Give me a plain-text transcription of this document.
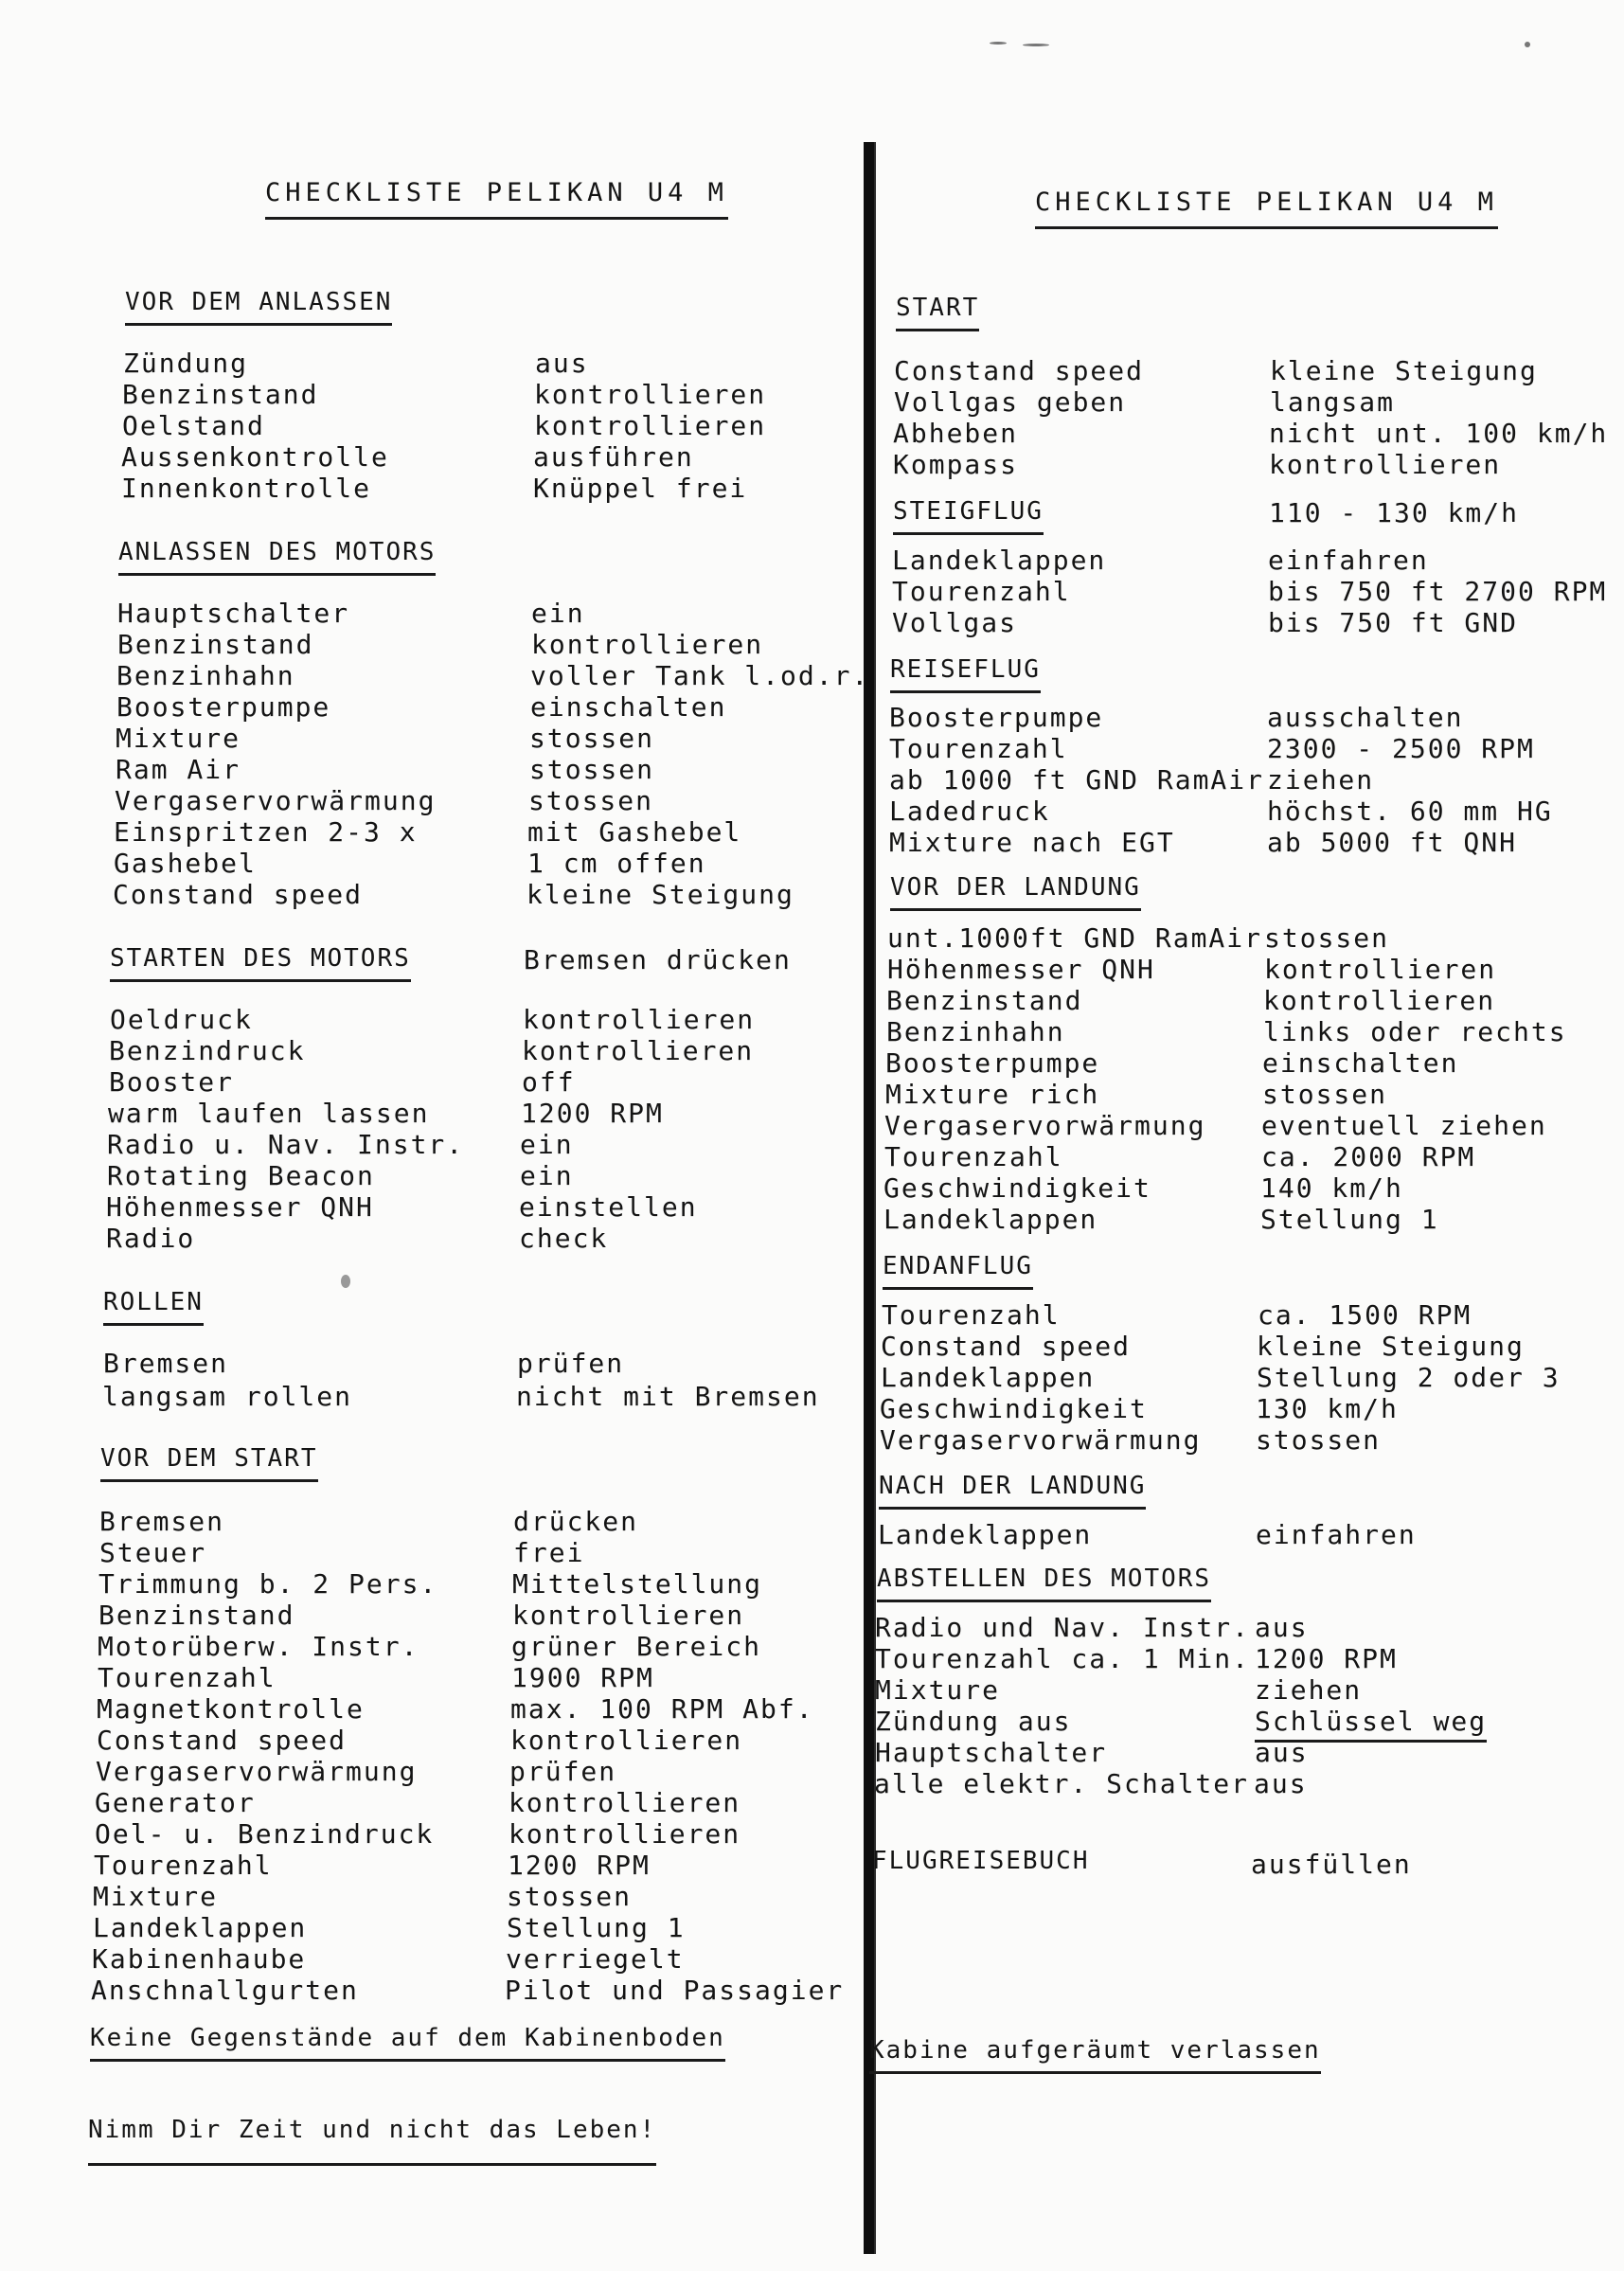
CHECKLISTE PELIKAN U4 M
VOR DEM ANLASSEN
Zündung	aus
Benzinstand	kontrollieren
Oelstand	kontrollieren
Aussenkontrolle	ausführen
Innenkontrolle	Knüppel frei
ANLASSEN DES MOTORS
Hauptschalter	ein
Benzinstand	kontrollieren
Benzinhahn	voller Tank l.od.r.
Boosterpumpe	einschalten
Mixture	stossen
Ram Air	stossen
Vergaservorwärmung	stossen
Einspritzen 2-3 x	mit Gashebel
Gashebel	1 cm offen
Constand speed	kleine Steigung
STARTEN DES MOTORS	Bremsen drücken
Oeldruck	kontrollieren
Benzindruck	kontrollieren
Booster	off
warm laufen lassen	1200 RPM
Radio u. Nav. Instr. ein
Rotating Beacon	ein
Höhenmesser QNH	einstellen
Radio	check
ROLLEN
Bremsen	prüfen
langsam rollen	nicht mit Bremsen
VOR DEM START
Bremsen	drücken
Steuer	frei
Trimmung b. 2 Pers.	Mittelstellung
Benzinstand	kontrollieren
Motorüberw. Instr.	grüner Bereich
Tourenzahl	1900 RPM
Magnetkontrolle	max. 100 RPM Abf.
Constand speed	kontrollieren
Vergaservorwärmung	prüfen
Generator	kontrollieren
Oel- u. Benzindruck	kontrollieren
Tourenzahl	1200 RPM
Mixture	stossen
Landeklappen	Stellung 1
Kabinenhaube	verriegelt
Anschnallgurten	Pilot und Passagier
Keine Gegenstände auf dem Kabinenboden
Nimm Dir Zeit und nicht das Leben!
CHECKLISTE PELIKAN U4 M
START
Constand speed	kleine Steigung
Vollgas geben	langsam
Abheben	nicht unt. 100 km/h
Kompass	kontrollieren
STEIGFLUG	110 - 130 km/h
Landeklappen	einfahren
Tourenzahl	bis 750 ft 2700 RPM
Vollgas	bis 750 ft GND
REISEFLUG
Boosterpumpe	ausschalten
Tourenzahl	2300 - 2500 RPM
ab 1000 ft GND RamAir ziehen
Ladedruck	höchst. 60 mm HG
Mixture nach EGT	ab 5000 ft QNH
VOR DER LANDUNG
unt.1000ft GND RamAir stossen
Höhenmesser QNH	kontrollieren
Benzinstand	kontrollieren
Benzinhahn	links oder rechts
Boosterpumpe	einschalten
Mixture rich	stossen
Vergaservorwärmung eventuell ziehen
Tourenzahl	ca. 2000 RPM
Geschwindigkeit	140 km/h
Landeklappen	Stellung 1
ENDANFLUG
Tourenzahl	ca. 1500 RPM
Constand speed	kleine Steigung
Landeklappen	Stellung 2 oder 3
Geschwindigkeit	130 km/h
Vergaservorwärmung stossen
NACH DER LANDUNG
Landeklappen	einfahren
ABSTELLEN DES MOTORS
Radio und Nav. Instr. aus
Tourenzahl ca. 1 Min. 1200 RPM
Mixture	ziehen
Zündung aus	Schlüssel weg
Hauptschalter	aus
alle elektr. Schalter aus
FLUGREISEBUCH	ausfüllen
Kabine aufgeräumt verlassen
